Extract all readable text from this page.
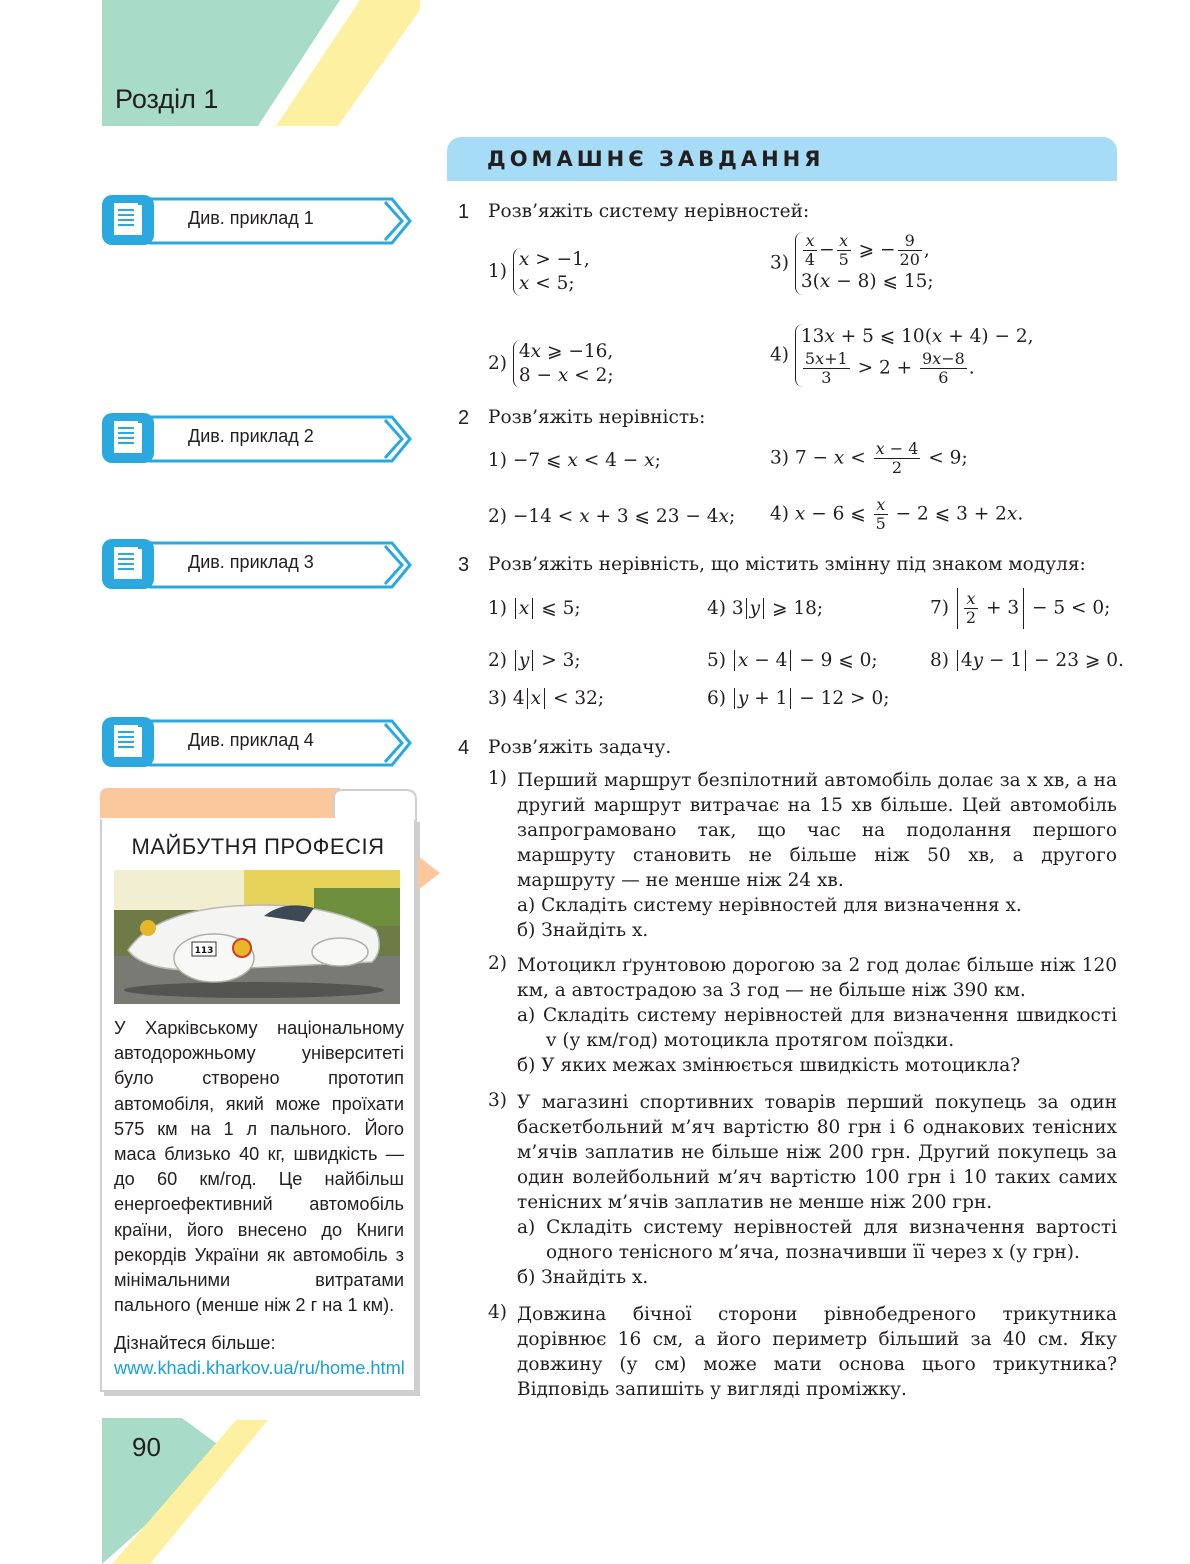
Розділ 1
ДОМАШНЄ ЗАВДАННЯ
Див. приклад 1
Див. приклад 2
Див. приклад 3
Див. приклад 4
МАЙБУТНЯ ПРОФЕСІЯ
113
У Харківському національному автодорожньому університеті було створено прототип автомобіля, який може проїхати 575 км на 1 л пального. Його маса близько 40 кг, швидкість — до 60 км/год. Це найбільш енергоефективний автомобіль країни, його внесено до Книги рекордів України як автомобіль з мінімальними витратами пального (менше ніж 2 г на 1 км).
Дізнайтеся більше: www.khadi.kharkov.ua/ru/home.html
1 Розв’яжіть систему нерівностей:
1) x > −1,
x < 5;
$3) \frac{x}{4} - \frac{x}{5}$ ⩾ − $\frac{9}{20}$ ,
3(x − 8) ⩽ 15;
2) 4x ⩾ −16,
8 − x < 2;
4) 13x + 5 ⩽ 10(x + 4) − 2,

$\frac{5x+1}{3} > 2 + \frac{9x-8}{6}$ .
2 Розв’яжіть нерівність:
1) −7 ⩽ x < 4 − x;	3) $7 - x < \frac{x - 4}{2} < 9$;
2) −14 < x + 3 ⩽ 23 − 4x; 4) x − 6 ⩽ $\frac{x}{5} - 2$ ⩽ 3 + 2x.
3 Розв’яжіть нерівність, що містить змінну під знаком модуля:
1) x ⩽ 5;	4) 3 y ⩾ 18;	$7) \frac{x}{2} + 3 - 5 < 0$;
2) y > 3;	5) x − 4 − 9 ⩽ 0;	8) 4y − 1 − 23 ⩾ 0.
3) 4 x < 32;	6) y + 1 − 12 > 0;
4 Розв’яжіть задачу.
1) Перший маршрут безпілотний автомобіль долає за x хв, а на другий маршрут витрачає на 15 хв більше. Цей автомобіль запрограмовано так, що час на подолання першого маршруту становить не більше ніж 50 хв, а другого маршруту — не менше ніж 24 хв.
а) Складіть систему нерівностей для визначення x.
б) Знайдіть x.
2) Мотоцикл ґрунтовою дорогою за 2 год долає більше ніж 120 км, а автострадою за 3 год — не більше ніж 390 км.
а) Складіть систему нерівностей для визначення швидкості v (у км/год) мотоцикла протягом поїздки.
б) У яких межах змінюється швидкість мотоцикла?
3) У магазині спортивних товарів перший покупець за один баскетбольний м’яч вартістю 80 грн і 6 однакових тенісних м’ячів заплатив не більше ніж 200 грн. Другий покупець за один волейбольний м’яч вартістю 100 грн і 10 таких самих тенісних м’ячів заплатив не менше ніж 200 грн.
а) Складіть систему нерівностей для визначення вартості одного тенісного м’яча, позначивши її через x (у грн).
б) Знайдіть x.
4) Довжина бічної сторони рівнобедреного трикутника дорівнює 16 см, а його периметр більший за 40 см. Яку довжину (у см) може мати основа цього трикутника? Відповідь запишіть у вигляді проміжку.
90
